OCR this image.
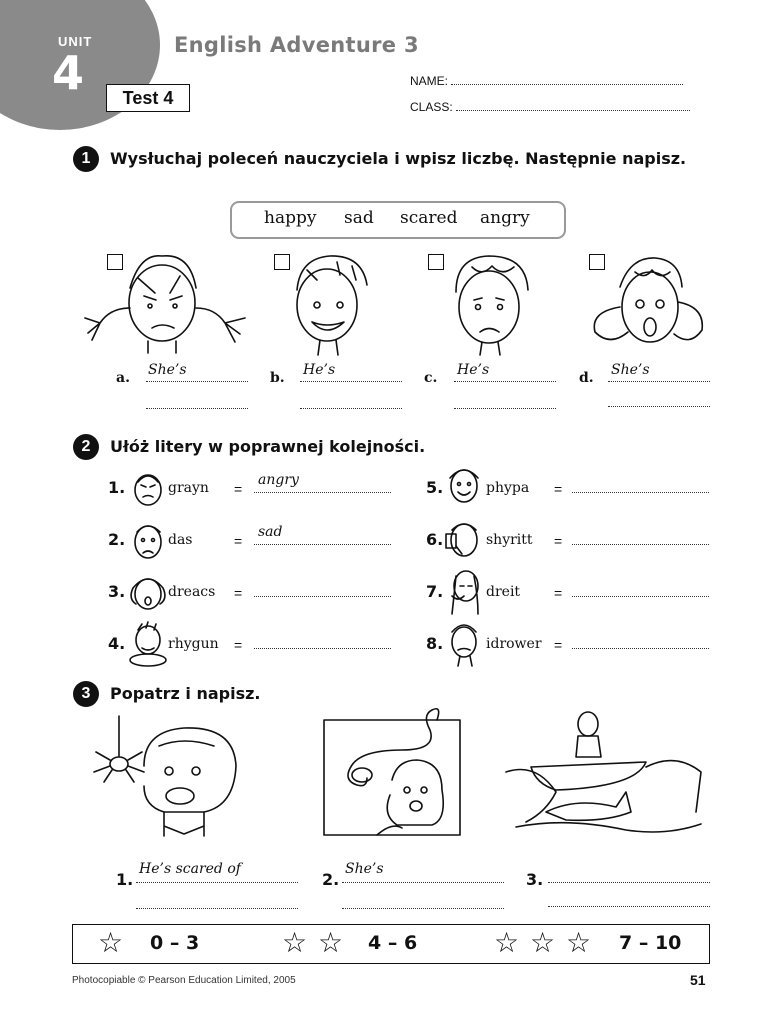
UNIT
4
English Adventure 3
Test 4
NAME:
CLASS:
1	Wysłuchaj poleceń nauczyciela i wpisz liczbę. Następnie napisz.
happy sad scared angry
a. She’s	b. He’s	c. He’s	d. She’s
2	Ułóż litery w poprawnej kolejności.
1.	grayn =
angry
2.	das	=
sad
3.	dreacs =
4.	rhygun =
5.	phypa =
6.	shyritt =
7.	dreit =
8.	idrower =
3	Popatrz i napisz.
1.
He’s scared of
2.
She’s
3.
☆ 0 – 3	☆ ☆ 4 – 6	☆ ☆ ☆ 7 – 10
Photocopiable © Pearson Education Limited, 2005	51
